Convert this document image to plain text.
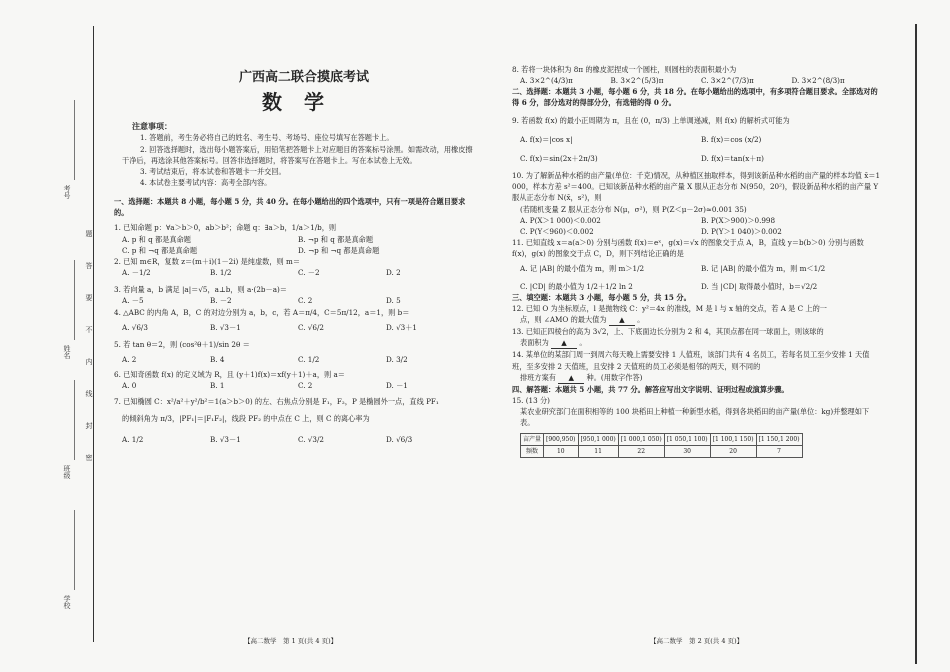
考号
姓名
班级
学校
题
答
要
不
内
线
封
密
广西高二联合摸底考试
数学

注意事项：

1. 答题前，考生务必将自己的姓名、考生号、考场号、座位号填写在答题卡上。

2. 回答选择题时，选出每小题答案后，用铅笔把答题卡上对应题目的答案标号涂黑。如需改动，用橡皮擦干净后，再选涂其他答案标号。回答非选择题时，将答案写在答题卡上。写在本试卷上无效。

3. 考试结束后，将本试卷和答题卡一并交回。

4. 本试卷主要考试内容：高考全部内容。

一、选择题：本题共 8 小题，每小题 5 分，共 40 分。在每小题给出的四个选项中，只有一项是符合题目要求的。

1. 已知命题 p：∀a＞b＞0，ab＞b²；命题 q：∃a＞b，1/a＞1/b，则

A. p 和 q 都是真命题	B. ¬p 和 q 都是真命题
C. p 和 ¬q 都是真命题	D. ¬p 和 ¬q 都是真命题

2. 已知 m∈R，复数 z＝(m＋i)(1－2i) 是纯虚数，则 m＝

A. －1/2	B. 1/2	C. －2	D. 2

3. 若向量 a，b 满足 |a|＝√5，a⊥b，则 a·(2b－a)＝

A. －5	B. －2	C. 2	D. 5

4. △ABC 的内角 A，B，C 的对边分别为 a，b，c，若 A＝π/4，C＝5π/12，a＝1，则 b＝

A. √6/3	B. √3－1	C. √6/2	D. √3＋1

5. 若 tan θ＝2，则 (cos²θ＋1)/sin 2θ ＝

A. 2	B. 4	C. 1/2	D. 3/2

6. 已知奇函数 f(x) 的定义域为 R，且 (y＋1)f(x)＝xf(y＋1)＋a，则 a＝

A. 0	B. 1	C. 2	D. －1

7. 已知椭圆 C：x²/a²＋y²/b²＝1(a＞b＞0) 的左、右焦点分别是 F₁，F₂，P 是椭圆外一点，直线 PF₁

的倾斜角为 π/3，|PF₁|＝|F₁F₂|，线段 PF₂ 的中点在 C 上，则 C 的离心率为

A. 1/2	B. √3－1	C. √3/2	D. √6/3
【高二数学　第 1 页(共 4 页)】

8. 若将一块体积为 8π 的橡皮泥捏成一个圆柱，则圆柱的表面积最小为

A. 3×2^(4/3)π	B. 3×2^(5/3)π	C. 3×2^(7/3)π	D. 3×2^(8/3)π

二、选择题：本题共 3 小题，每小题 6 分，共 18 分。在每小题给出的选项中，有多项符合题目要求。全部选对的得 6 分，部分选对的得部分分，有选错的得 0 分。

9. 若函数 f(x) 的最小正周期为 π，且在 (0，π/3) 上单调递减，则 f(x) 的解析式可能为

A. f(x)＝|cos x|	B. f(x)＝cos (x/2)
C. f(x)＝sin(2x＋2π/3)	D. f(x)＝tan(x＋π)

10. 为了解新品种水稻的亩产量(单位：千克)情况，从种植区抽取样本，得到该新品种水稻的亩产量的样本均值 x̄＝1 000，样本方差 s²＝400。已知该新品种水稻的亩产量 X 服从正态分布 N(950，20²)，假设新品种水稻的亩产量 Y 服从正态分布 N(x̄，s²)，则

(若随机变量 Z 服从正态分布 N(μ，σ²)，则 P(Z＜μ－2σ)≈0.001 35)

A. P(X＞1 000)＜0.002	B. P(X＞900)＞0.998
C. P(Y＜960)＜0.002	D. P(Y＞1 040)＞0.002

11. 已知直线 x＝a(a＞0) 分别与函数 f(x)＝eˣ，g(x)＝√x 的图象交于点 A，B，直线 y＝b(b＞0) 分别与函数 f(x)，g(x) 的图象交于点 C，D，则下列结论正确的是

A. 记 |AB| 的最小值为 m，则 m＞1/2	B. 记 |AB| 的最小值为 m，则 m＜1/2
C. |CD| 的最小值为 1/2＋1/2 ln 2	D. 当 |CD| 取得最小值时，b＝√2/2

三、填空题：本题共 3 小题，每小题 5 分，共 15 分。

12. 已知 O 为坐标原点，l 是抛物线 C：y²＝4x 的准线，M 是 l 与 x 轴的交点，若 A 是 C 上的一

点，则 ∠AMO 的最大值为 ▲ 。

13. 已知正四棱台的高为 3√2，上、下底面边长分别为 2 和 4，其顶点都在同一球面上，则该球的

表面积为 ▲ 。

14. 某单位的某部门周一到周六每天晚上需要安排 1 人值班，该部门共有 4 名员工，若每名员工至少安排 1 天值班，至多安排 2 天值班，且安排 2 天值班的员工必须是相邻的两天，则不同的

排班方案有 ▲ 种。(用数字作答)

四、解答题：本题共 5 小题，共 77 分。解答应写出文字说明、证明过程或演算步骤。

15. (13 分)

某农业研究部门在面积相等的 100 块稻田上种植一种新型水稻，得到各块稻田的亩产量(单位：kg)并整理如下表。

亩产量	[900,950)	[950,1 000)	[1 000,1 050)	[1 050,1 100)	[1 100,1 150)	[1 150,1 200)
频数	10	11	22	30	20	7
【高二数学　第 2 页(共 4 页)】
